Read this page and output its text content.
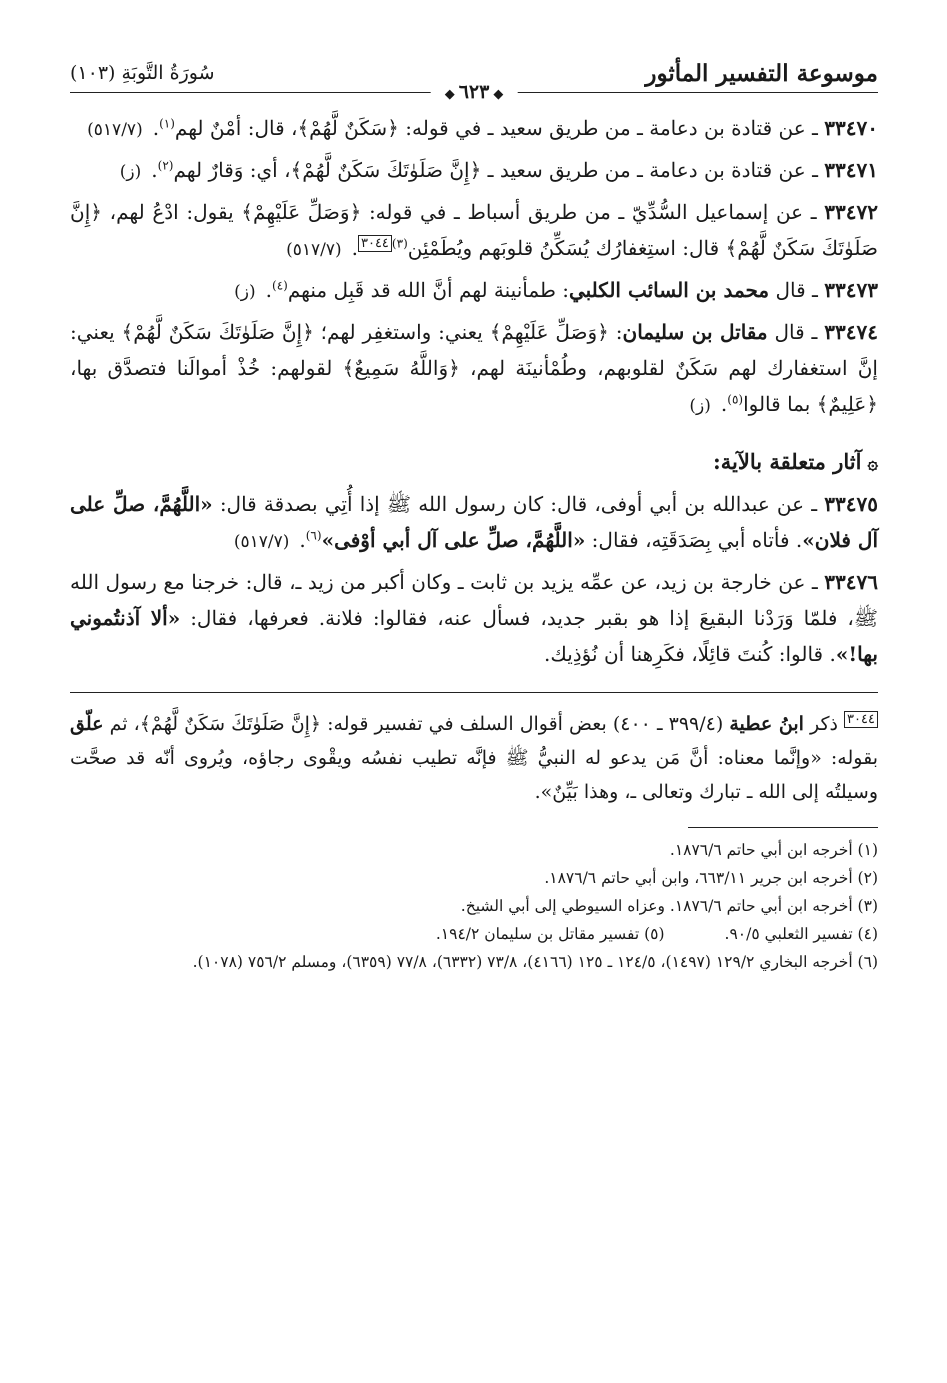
موسوعة التفسير المأثور
سُورَةُ التَّوبَةِ (١٠٣)
◆٦٢٣◆

٣٣٤٧٠ ـ عن قتادة بن دعامة ـ من طريق سعيد ـ في قوله: ﴿سَكَنٌ لَّهُمْ﴾، قال: أمْنٌ لهم$^{(١)}$.(٥١٧/٧)

٣٣٤٧١ ـ عن قتادة بن دعامة ـ من طريق سعيد ـ ﴿إِنَّ صَلَوٰتَكَ سَكَنٌ لَّهُمْ﴾، أي: وَقارٌ لهم$^{(٢)}$.(ز)

٣٣٤٧٢ ـ عن إسماعيل السُّدِّيّ ـ من طريق أسباط ـ في قوله: ﴿وَصَلِّ عَلَيْهِمْ﴾ يقول: ادْعُ لهم، ﴿إِنَّ صَلَوٰتَكَ سَكَنٌ لَّهُمْ﴾ قال: استِغفارُك يُسَكِّنُ قلوبَهم ويُطَمْئِن$^{(٣)٣٠٤٤}$.(٥١٧/٧)

٣٣٤٧٣ ـ قال محمد بن السائب الكلبي: طمأنينة لهم أنَّ الله قد قَبِل منهم$^{(٤)}$.(ز)

٣٣٤٧٤ ـ قال مقاتل بن سليمان: ﴿وَصَلِّ عَلَيْهِمْ﴾ يعني: واستغفِر لهم؛ ﴿إِنَّ صَلَوٰتَكَ سَكَنٌ لَّهُمْ﴾ يعني: إنَّ استغفارك لهم سَكَنٌ لقلوبهم، وطُمْأنينَة لهم، ﴿وَاللَّهُ سَمِيعٌ﴾ لقولهم: خُذْ أموالَنا فتصدَّق بها، ﴿عَلِيمٌ﴾ بما قالوا$^{(٥)}$.(ز)

۞آثار متعلقة بالآية:

٣٣٤٧٥ ـ عن عبدالله بن أبي أوفى، قال: كان رسول الله ﷺ إذا أُتِي بصدقة قال: «اللَّهُمَّ، صلِّ على آل فلان». فأتاه أبي بِصَدَقَتِه، فقال: «اللَّهُمَّ، صلِّ على آل أبي أوْفى»$^{(٦)}$.(٥١٧/٧)

٣٣٤٧٦ ـ عن خارجة بن زيد، عن عمِّه يزيد بن ثابت ـ وكان أكبر من زيد ـ، قال: خرجنا مع رسول الله ﷺ، فلمّا وَرَدْنا البقيعَ إذا هو بقبر جديد، فسأل عنه، فقالوا: فلانة. فعرفها، فقال: «ألا آذنتُموني بها!». قالوا: كُنتَ قائِلًا، فكَرِهنا أن نُؤذِيك.

$^{٣٠٤٤}$ ذكر ابنُ عطية (٣٩٩/٤ ـ ٤٠٠) بعض أقوال السلف في تفسير قوله: ﴿إِنَّ صَلَوٰتَكَ سَكَنٌ لَّهُمْ﴾، ثم علّق بقوله: «وإنَّما معناه: أنَّ مَن يدعو له النبيُّ ﷺ فإنَّه تطيب نفسُه ويقْوى رجاؤه، ويُروى أنّه قد صحَّت وسيلتُه إلى الله ـ تبارك وتعالى ـ، وهذا بَيِّنٌ».

(١) أخرجه ابن أبي حاتم ١٨٧٦/٦.

(٢) أخرجه ابن جرير ٦٦٣/١١، وابن أبي حاتم ١٨٧٦/٦.

(٣) أخرجه ابن أبي حاتم ١٨٧٦/٦. وعزاه السيوطي إلى أبي الشيخ.

(٤) تفسير الثعلبي ٩٠/٥.

(٥) تفسير مقاتل بن سليمان ١٩٤/٢.

(٦) أخرجه البخاري ١٢٩/٢ (١٤٩٧)، ١٢٤/٥ ـ ١٢٥ (٤١٦٦)، ٧٣/٨ (٦٣٣٢)، ٧٧/٨ (٦٣٥٩)، ومسلم ٧٥٦/٢ (١٠٧٨).
